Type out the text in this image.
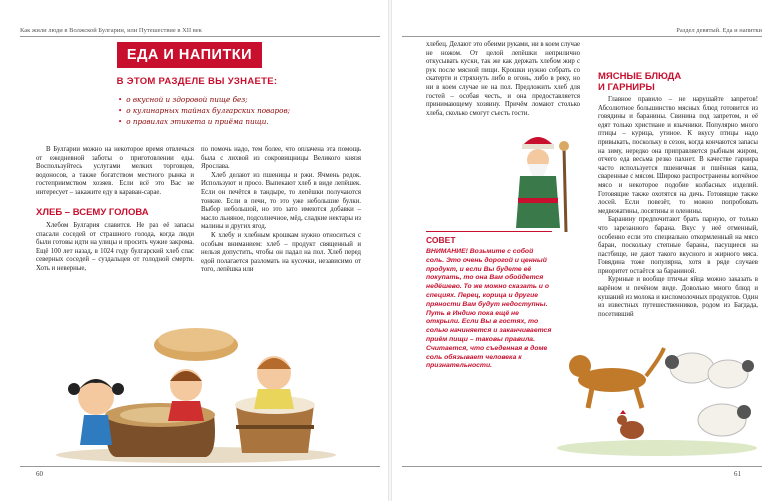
Как жили люди в Волжской Булгарии, или Путешествие в XII век
ЕДА И НАПИТКИ
В ЭТОМ РАЗДЕЛЕ ВЫ УЗНАЕТЕ:
• о вкусной и здоровой пище без;
• о кулинарных тайнах булгарских поваров;
• о правилах этикета и приёма пищи.

В Булгарии можно на некоторое время отвлечься от ежедневной заботы о приготовлении еды. Воспользуйтесь услугами мелких торговцев, водоносов, а также богатством местного рынка и гостеприимством хозяев. Если всё это Вас не интересует – закажите еду в караван-сарае.

ХЛЕБ – ВСЕМУ ГОЛОВА

Хлебом Булгария славится. Не раз её запасы спасали соседей от страшного голода, когда люди были готовы идти на улицы и просить чужие закрома. Ещё 100 лет назад, в 1024 году булгарский хлеб спас северных соседей – суздальцев от голодной смерти. Хоть и неверные,

по помочь надо, тем более, что оплачена эта помощь была с лихвой из сокровищницы Великого князя Ярослава.

Хлеб делают из пшеницы и ржи. Ячмень редок. Используют и просо. Выпекают хлеб в виде лепёшек. Если он печётся в тандыре, то лепёшки получаются тонкие. Если в печи, то это уже небольшие булки. Выбор небольшой, но это зато имеются добавки – масло льняное, подсолнечное, мёд, сладкие нектары из малины и других ягод.

К хлебу и хлебным крошкам нужно относиться с особым вниманием: хлеб – продукт священный и нельзя допустить, чтобы он падал на пол. Хлеб перед едой полагается разломать на кусочки, независимо от того, лепёшка или

60
Раздел девятый. Еда и напитки

хлебец. Делают это обеими руками, ни в коем случае не ножом. От целой лепёшки неприлично откусывать куски, так же как держать хлебом жир с рук после мясной пищи. Крошки нужно собрать со скатерти и стряхнуть либо в огонь, либо в реку, но ни в коем случае не на пол. Предложить хлеб для гостей – особая честь, и она предоставляется принимающему хозяину. Причём ломают столько хлеба, сколько смогут съесть гости.

СОВЕТ
ВНИМАНИЕ! Возьмите с собой соль. Это очень дорогой и ценный продукт, и если Вы будете её покупать, то она Вам обойдется недёшево. То же можно сказать и о специях. Перец, корица и другие пряности Вам будут недоступны. Путь в Индию пока ещё не открыли. Если Вы в гостях, то солью начиняется и заканчивается приём пищи – таковы правила. Считается, что съеденная в доме соль обязывает человека к признательности.
МЯСНЫЕ БЛЮДА
И ГАРНИРЫ

Главное правило – не нарушайте запретов! Абсолютное большинство мясных блюд готовится из говядины и баранины. Свинина под запретом, и её едят только христиане и язычники. Популярно много птицы – курица, утиное. К вкусу птицы надо привыкать, поскольку в сезон, когда кончаются запасы на зиму, нередко она приправляется рыбным жиром, отчего еда весьма резко пахнет. В качестве гарнира часто используется пшеничная и пшённая каша, сваренные с мясом. Широко распространены копчёное мясо и некоторое подобие колбасных изделий. Готовящие также охотятся на дичь. Готовящие также лосей. Если повезёт, то можно попробовать медвежатины, лосятины и оленины.

Баранину предпочитают брать парную, от только что зарезанного барана. Вкус у неё отменный, особенно если это специально откормленный на мясо баран, поскольку степные бараны, пасущиеся на пастбище, не дают такого вкусного и жирного мяса. Говядина тоже популярна, хотя в ряде случаев приоритет остаётся за бараниной.

Куриные и вообще птичьи яйца можно заказать в варёном и печёном виде. Довольно много блюд и кушаний из молока и кисломолочных продуктов. Один из известных путешественников, родом из Багдада, посетивший

61
